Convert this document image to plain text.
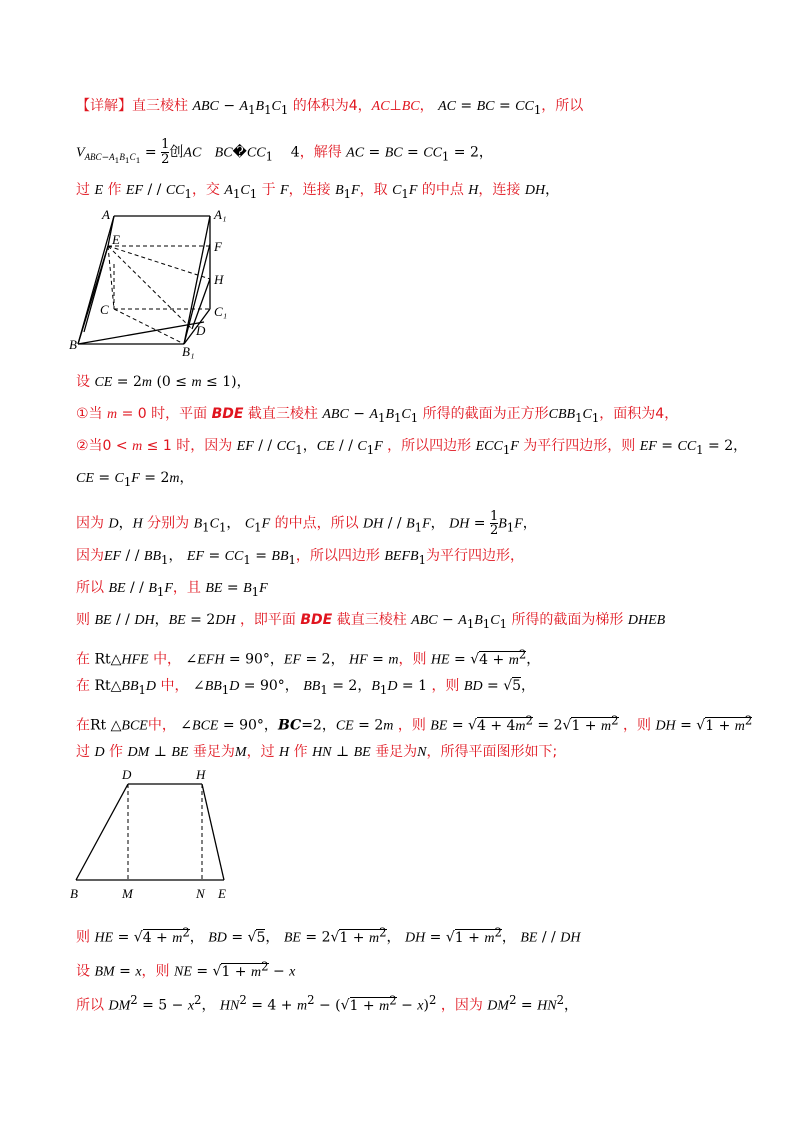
【详解】直三棱柱 ABC − $A_1B_1C_1$ 的体积为4，AC⊥BC， AC = BC = $CC_1$，所以
$V_{ABC-A_1B_1C_1} = \frac{1}{2}$ 创AC $BC�CC_1$    4，解得 AC = BC = $CC_1 = 2$，
过 E 作 EF / / $CC_1$，交 $A_1C_1$ 于 F，连接 $B_1F$，取 $C_1F$ 的中点 H，连接 DH，
A	A₁
E	F
H
C	C₁
D
B	B₁
设 CE = 2m (0 ≤ m ≤ 1)，
①当 m = 0 时，平面 BDE 截直三棱柱 ABC − $A_1B_1C_1$ 所得的截面为正方形$CBB_1C_1$，面积为4，
②当0 < m ≤ 1 时，因为 EF / / $CC_1$，CE / / $C_1F$ ，所以四边形 $ECC_1F$ 为平行四边形，则 EF = $CC_1 = 2$，
CE = $C_1F = 2m$，
因为 D，H 分别为 $B_1C_1$， $C_1F$ 的中点，所以 DH / / $B_1F$， DH = $\frac{1}{2} B_1F$，
因为EF / / $BB_1$， EF = $CC_1 = BB_1$，所以四边形 $BEFB_1$为平行四边形，
所以 BE / / $B_1F$，且 BE = $B_1F$
则 BE / / DH，BE = 2DH ，即平面 BDE 截直三棱柱 ABC − $A_1B_1C_1$ 所得的截面为梯形 DHEB
在 Rt△HFE 中， ∠EFH = 90°，EF = 2， HF = m，则 HE = $√4 + m^2$，
在 $Rt\triangle BB_1D$ 中， $\angle BB_1D = 90^\circ$， $BB_1 = 2$，$B_1D = 1$ ，则 BD = √5，
在Rt △BCE中， ∠BCE = 90°，BC=2，CE = 2m ，则 BE = $√4 + 4m^2 = 2√1 + m^2$ ，则 DH = $√1 + m^2$
过 D 作 DM ⊥ BE 垂足为M，过 H 作 HN ⊥ BE 垂足为N，所得平面图形如下;
D	H
B	M	N E
则 HE = $√4 + m^2$， BD = √5， BE = $2√1 + m^2$， DH = $√1 + m^2$， BE / / DH
设 BM = x，则 NE = $√1 + m^2 - x$
所以 $DM^2 = 5 - x^2$， $HN^2 = 4 + m^2 - (√1 + m^2 - x)^2$ ，因为 $DM^2 = HN^2$，
